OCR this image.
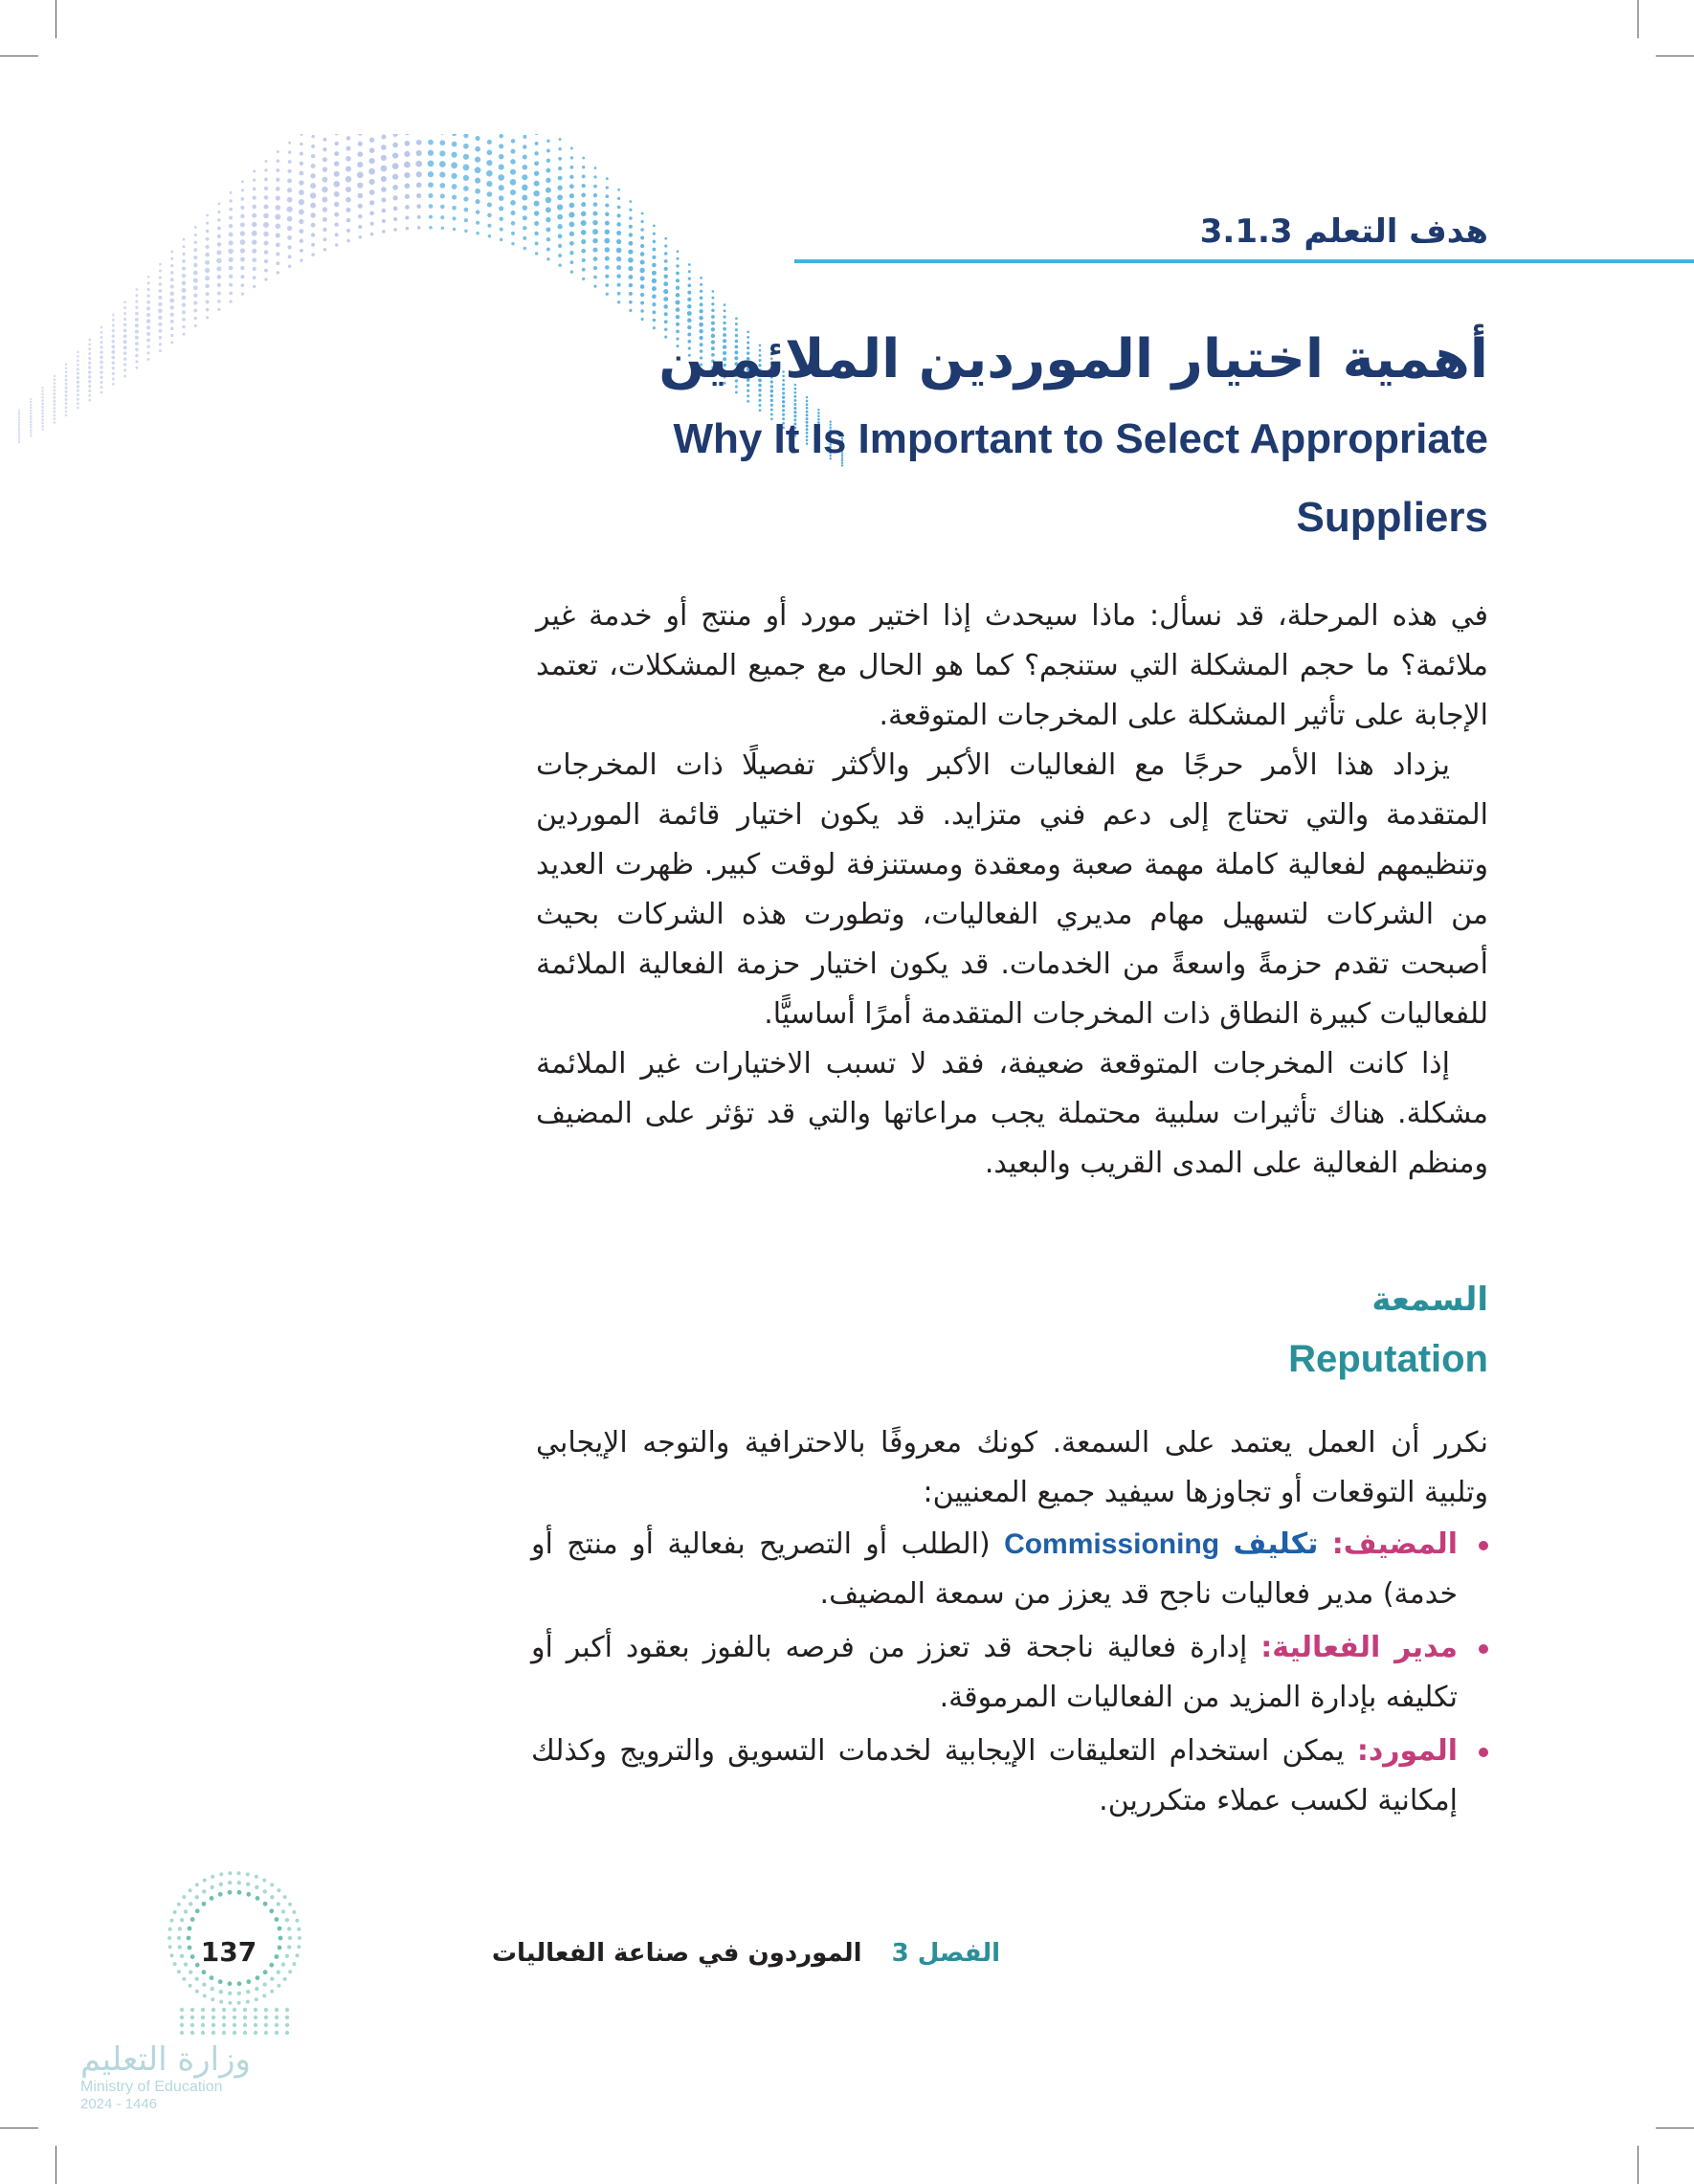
هدف التعلم 3.1.3
أهمية اختيار الموردين الملائمين
Why It Is Important to Select Appropriate
Suppliers

في هذه المرحلة، قد نسأل: ماذا سيحدث إذا اختير مورد أو منتج أو خدمة غير ملائمة؟ ما حجم المشكلة التي ستنجم؟ كما هو الحال مع جميع المشكلات، تعتمد الإجابة على تأثير المشكلة على المخرجات المتوقعة.

يزداد هذا الأمر حرجًا مع الفعاليات الأكبر والأكثر تفصيلًا ذات المخرجات المتقدمة والتي تحتاج إلى دعم فني متزايد. قد يكون اختيار قائمة الموردين وتنظيمهم لفعالية كاملة مهمة صعبة ومعقدة ومستنزفة لوقت كبير. ظهرت العديد من الشركات لتسهيل مهام مديري الفعاليات، وتطورت هذه الشركات بحيث أصبحت تقدم حزمةً واسعةً من الخدمات. قد يكون اختيار حزمة الفعالية الملائمة للفعاليات كبيرة النطاق ذات المخرجات المتقدمة أمرًا أساسيًّا.

إذا كانت المخرجات المتوقعة ضعيفة، فقد لا تسبب الاختيارات غير الملائمة مشكلة. هناك تأثيرات سلبية محتملة يجب مراعاتها والتي قد تؤثر على المضيف ومنظم الفعالية على المدى القريب والبعيد.

السمعة
Reputation

نكرر أن العمل يعتمد على السمعة. كونك معروفًا بالاحترافية والتوجه الإيجابي وتلبية التوقعات أو تجاوزها سيفيد جميع المعنيين:

المضيف: تكليف Commissioning (الطلب أو التصريح بفعالية أو منتج أو خدمة) مدير فعاليات ناجح قد يعزز من سمعة المضيف.
مدير الفعالية: إدارة فعالية ناجحة قد تعزز من فرصه بالفوز بعقود أكبر أو تكليفه بإدارة المزيد من الفعاليات المرموقة.
المورد: يمكن استخدام التعليقات الإيجابية لخدمات التسويق والترويج وكذلك إمكانية لكسب عملاء متكررين.
الفصل 3 الموردون في صناعة الفعاليات
137
وزارة التعليم
Ministry of Education
2024 - 1446
